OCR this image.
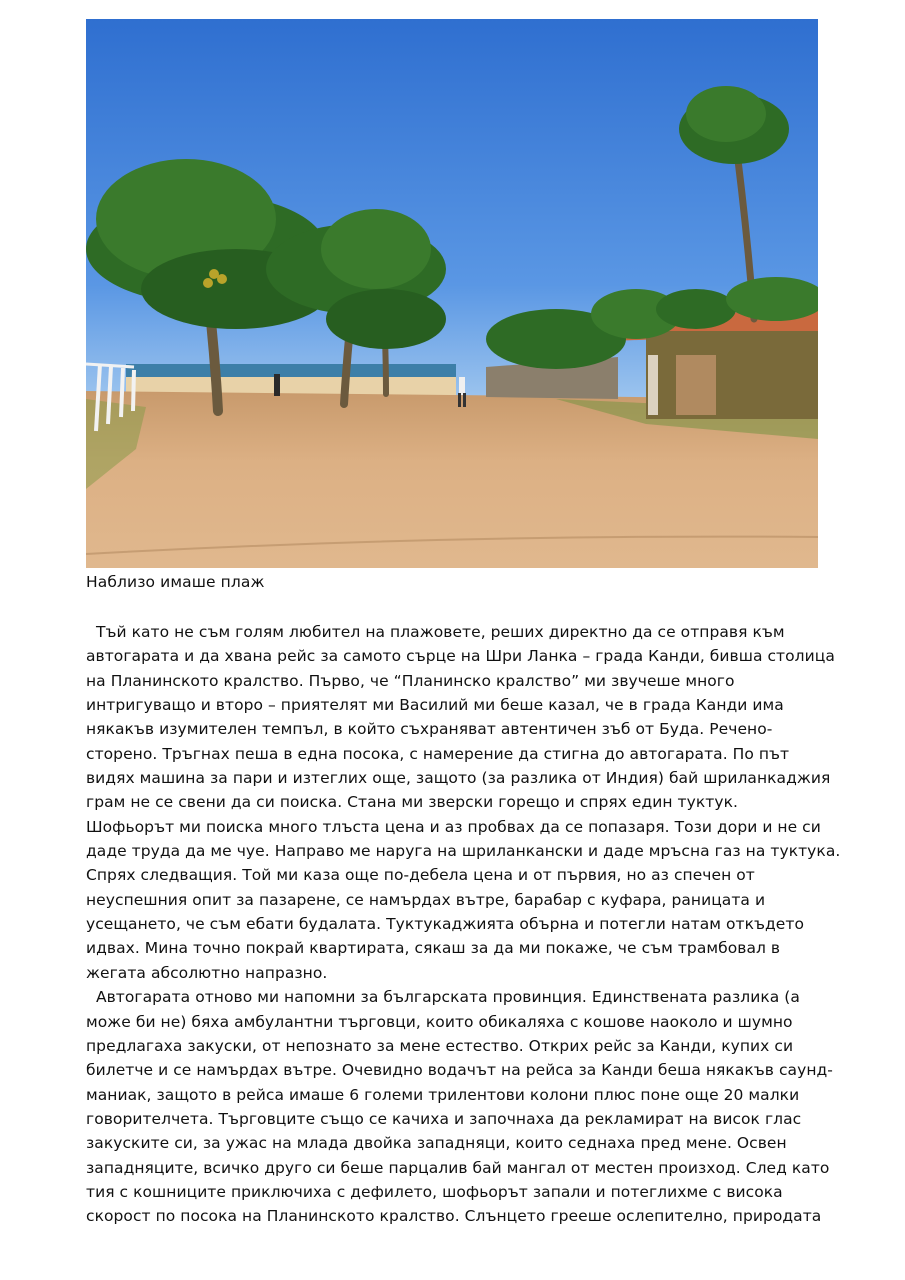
Наблизо имаше плаж
Тъй като не съм голям любител на плажовете, реших директно да се отправя към
автогарата и да хвана рейс за самото сърце на Шри Ланка – града Канди, бивша столица
на Планинското кралство. Първо, че “Планинско кралство” ми звучеше много
интригуващо и второ – приятелят ми Василий ми беше казал, че в града Канди има
някакъв изумителен темпъл, в който съхраняват автентичен зъб от Буда. Речено-
сторено. Тръгнах пеша в една посока, с намерение да стигна до автогарата. По път
видях машина за пари и изтеглих още, защото (за разлика от Индия) бай шриланкаджия
грам не се свени да си поиска. Стана ми зверски горещо и спрях един туктук.
Шофьорът ми поиска много тлъста цена и аз пробвах да се попазаря. Този дори и не си
даде труда да ме чуе. Направо ме наруга на шриланкански и даде мръсна газ на туктука.
Спрях следващия. Той ми каза още по-дебела цена и от първия, но аз спечен от
неуспешния опит за пазарене, се намърдах вътре, барабар с куфара, раницата и
усещането, че съм ебати будалата. Туктукаджията обърна и потегли натам откъдето
идвах. Мина точно покрай квартирата, сякаш за да ми покаже, че съм трамбовал в
жегата абсолютно напразно.
Автогарата отново ми напомни за българската провинция. Единствената разлика (а
може би не) бяха амбулантни търговци, които обикаляха с кошове наоколо и шумно
предлагаха закуски, от непознато за мене естество. Открих рейс за Канди, купих си
билетче и се намърдах вътре. Очевидно водачът на рейса за Канди беша някакъв саунд-
маниак, защото в рейса имаше 6 големи трилентови колони плюс поне още 20 малки
говорителчета. Търговците също се качиха и започнаха да рекламират на висок глас
закуските си, за ужас на млада двойка западняци, които седнаха пред мене. Освен
западняците, всичко друго си беше парцалив бай мангал от местен произход. След като
тия с кошниците приключиха с дефилето, шофьорът запали и потеглихме с висока
скорост по посока на Планинското кралство. Слънцето грееше ослепително, природата
